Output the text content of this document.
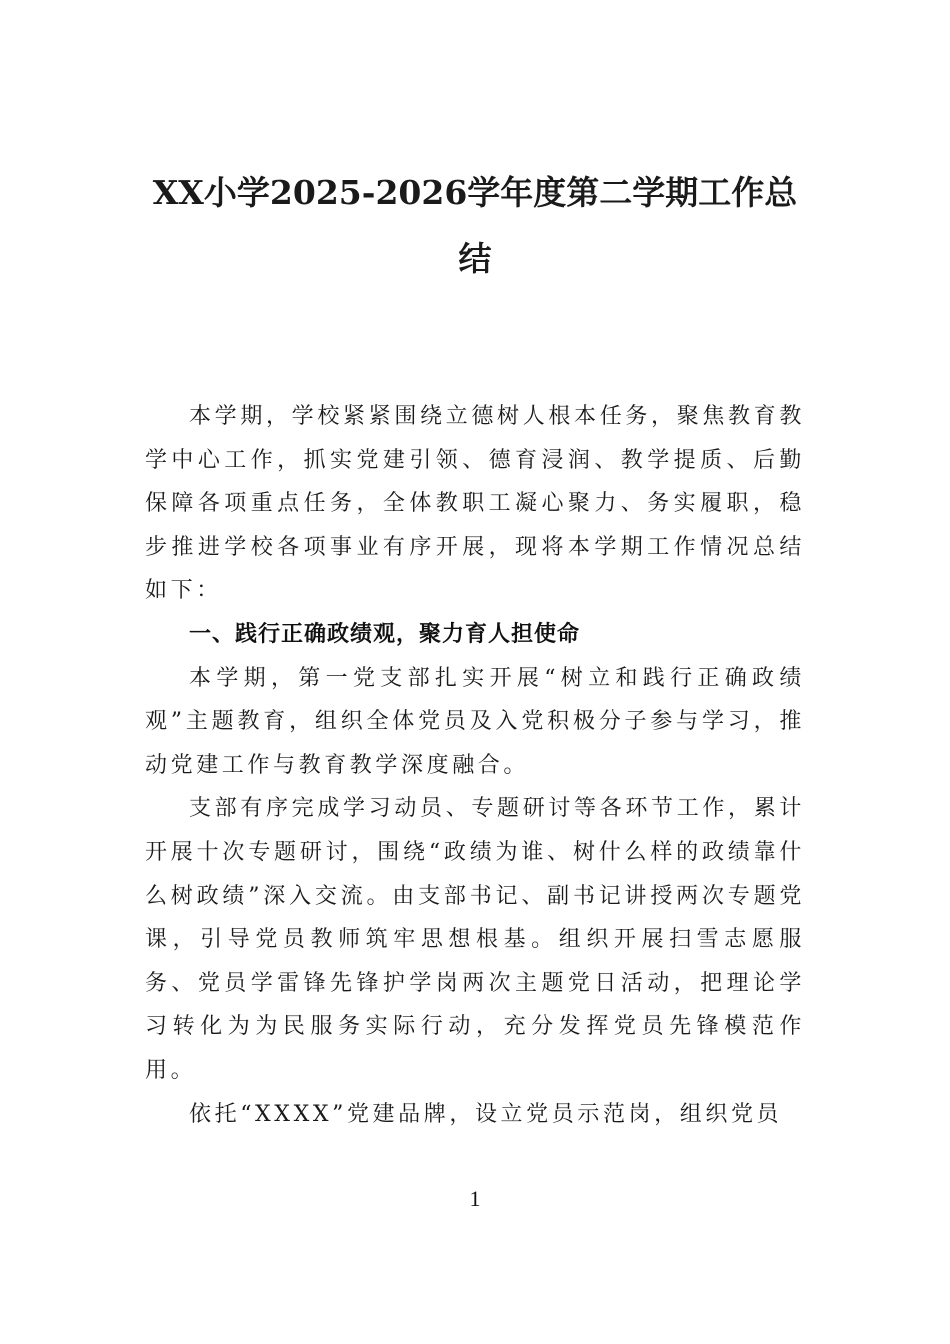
XX小学2025-2026学年度第二学期工作总结

本学期，学校紧紧围绕立德树人根本任务，聚焦教育教学中心工作，抓实党建引领、德育浸润、教学提质、后勤保障各项重点任务，全体教职工凝心聚力、务实履职，稳步推进学校各项事业有序开展，现将本学期工作情况总结如下：

一、践行正确政绩观，聚力育人担使命

本学期，第一党支部扎实开展“树立和践行正确政绩观”主题教育，组织全体党员及入党积极分子参与学习，推动党建工作与教育教学深度融合。

支部有序完成学习动员、专题研讨等各环节工作，累计开展十次专题研讨，围绕“政绩为谁、树什么样的政绩靠什么树政绩”深入交流。由支部书记、副书记讲授两次专题党课，引导党员教师筑牢思想根基。组织开展扫雪志愿服务、党员学雷锋先锋护学岗两次主题党日活动，把理论学习转化为为民服务实际行动，充分发挥党员先锋模范作用。

依托“XXXX”党建品牌，设立党员示范岗，组织党员

1
